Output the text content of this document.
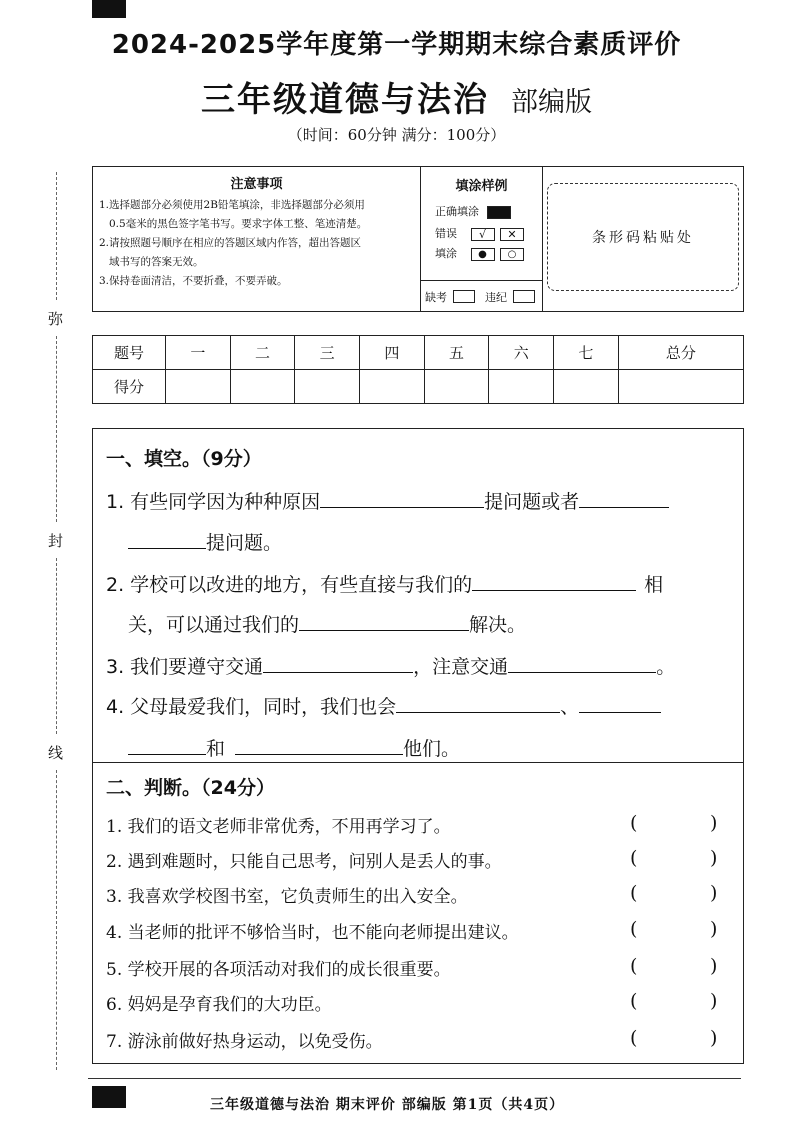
2024-2025学年度第一学期期末综合素质评价
三年级道德与法治 部编版
（时间：60分钟 满分：100分）
弥
封
线
注意事项
1.选择题部分必须使用2B铅笔填涂，非选择题部分必须用
0.5毫米的黑色签字笔书写。要求字体工整、笔迹清楚。
2.请按照题号顺序在相应的答题区域内作答，超出答题区
域书写的答案无效。
3.保持卷面清洁，不要折叠，不要弄破。
填涂样例
正确填涂
错误 √ ✕
填涂 ● ○
缺考	违纪
条形码粘贴处
题号	一	二	三	四	五	六	七	总分
得分								
一、填空。（9分）
1. 有些同学因为种种原因	提问题或者
提问题。
2. 学校可以改进的地方，有些直接与我们的	相
关，可以通过我们的	解决。
3. 我们要遵守交通	，注意交通	。
4. 父母最爱我们，同时，我们也会	、
和	他们。
二、判断。（24分）
1. 我们的语文老师非常优秀，不用再学习了。	(	)
2. 遇到难题时，只能自己思考，问别人是丢人的事。	(	)
3. 我喜欢学校图书室，它负责师生的出入安全。	(	)
4. 当老师的批评不够恰当时，也不能向老师提出建议。	(	)
5. 学校开展的各项活动对我们的成长很重要。	(	)
6. 妈妈是孕育我们的大功臣。	(	)
7. 游泳前做好热身运动，以免受伤。	(	)
三年级道德与法治 期末评价 部编版 第1页（共4页）
